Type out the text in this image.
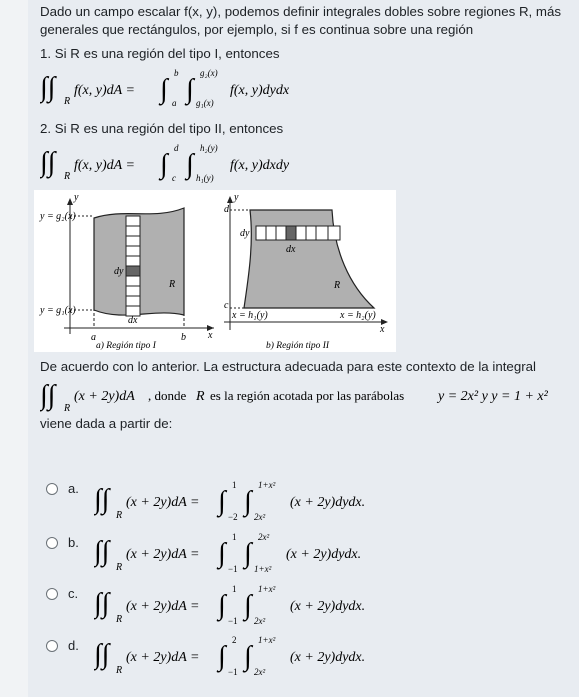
Dado un campo escalar f(x, y), podemos definir integrales dobles sobre regiones R, más
generales que rectángulos, por ejemplo, si f es continua sobre una región
1. Si R es una región del tipo I, entonces
∫∫ R
f(x, y)dA = ∫
b
a ∫
g₂(x)
g₁(x)
f(x, y)dydx
2. Si R es una región del tipo II, entonces
∫∫ R
f(x, y)dA = ∫
d
c ∫
h₂(y)
h₁(y)
f(x, y)dxdy
y
y = g₂(x)
y = g₁(x)
dy
dx
R
a	b x
a) Región tipo I
y
d
c
dy
dx
R
x = h₁(y)	x = h₂(y)
x
b) Región tipo II
De acuerdo con lo anterior. La estructura adecuada para este contexto de la integral
∫∫ R
(x + 2y)dA , donde R es la región acotada por las parábolas y = 2x² y y = 1 + x²
viene dada a partir de:
a. ∫∫
R
(x + 2y)dA = ∫
1
−2 ∫
1+x²
2x²
(x + 2y)dydx.
b. ∫∫
R
(x + 2y)dA = ∫
1
−1 ∫
2x²
1+x²
(x + 2y)dydx.
c. ∫∫
R
(x + 2y)dA = ∫
1
−1 ∫
1+x²
2x²
(x + 2y)dydx.
d. ∫∫
R
(x + 2y)dA = ∫
2
−1 ∫
1+x²
2x²
(x + 2y)dydx.
